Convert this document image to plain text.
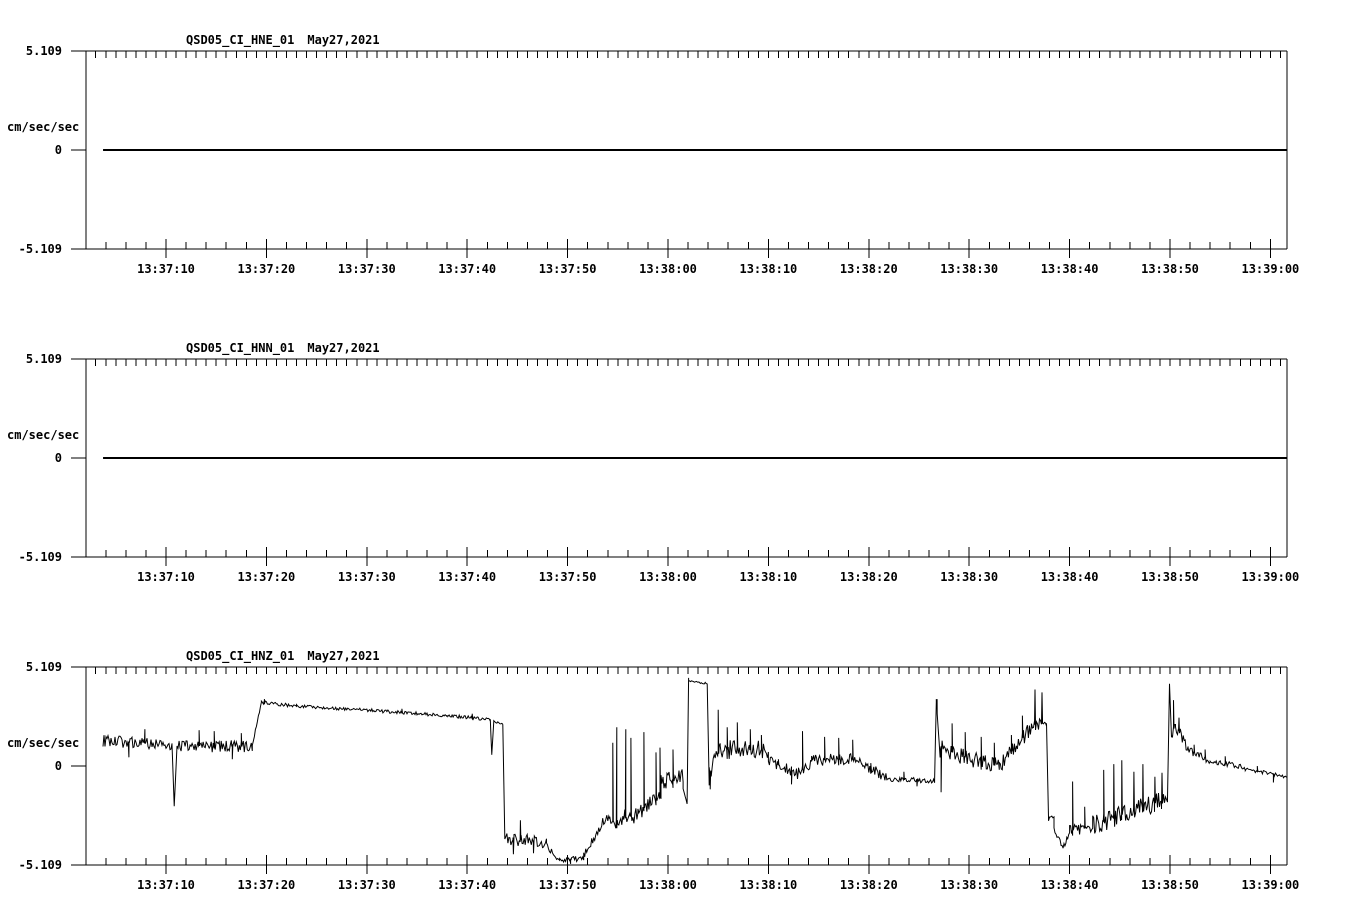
QSD05_CI_HNE_01 May27,2021
5.109
cm/sec/sec
0
-5.109
QSD05_CI_HNN_01 May27,2021
5.109
cm/sec/sec
0
-5.109
QSD05_CI_HNZ_01 May27,2021
5.109
cm/sec/sec
0
-5.109
13:37:10	13:37:20	13:37:30	13:37:40	13:37:50	13:38:00	13:38:10	13:38:20	13:38:30	13:38:40	13:38:50	13:39:00
13:37:10	13:37:20	13:37:30	13:37:40	13:37:50	13:38:00	13:38:10	13:38:20	13:38:30	13:38:40	13:38:50	13:39:00
13:37:10	13:37:20	13:37:30	13:37:40	13:37:50	13:38:00	13:38:10	13:38:20	13:38:30	13:38:40	13:38:50	13:39:00
